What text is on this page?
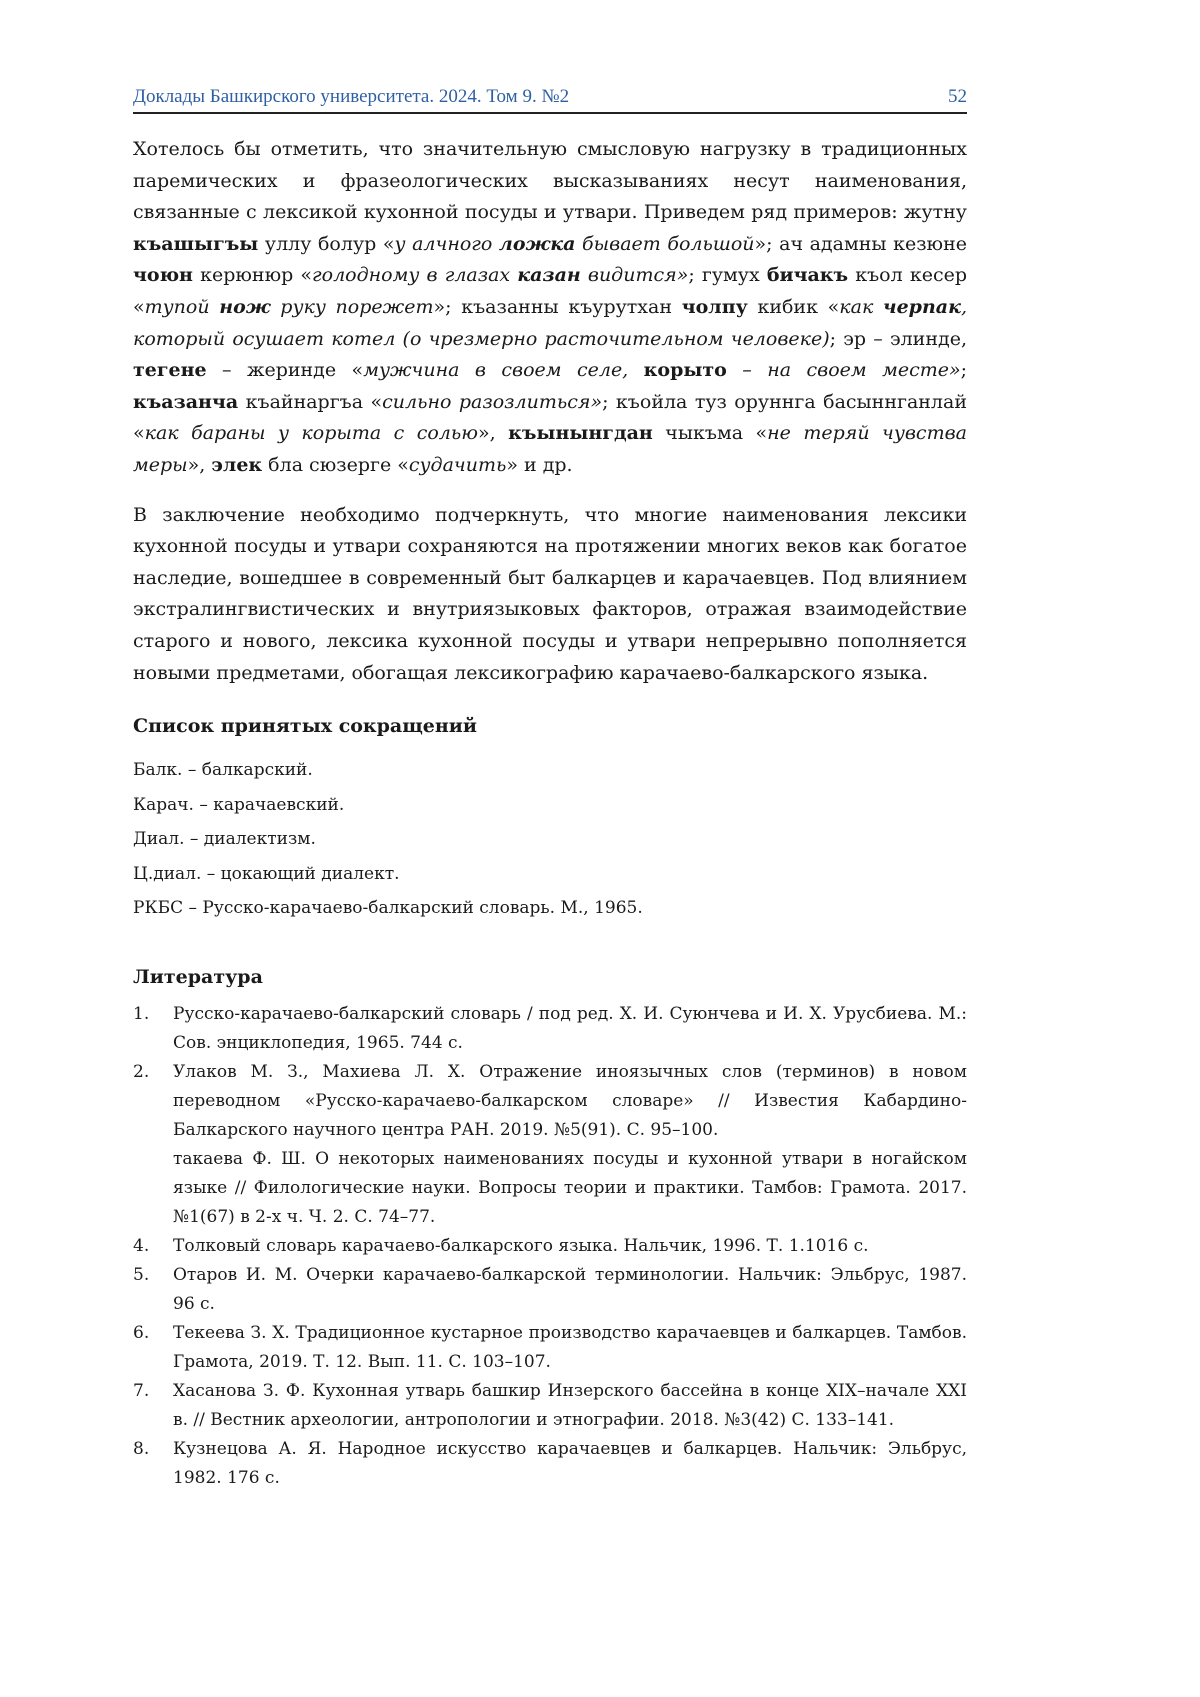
Доклады Башкирского университета. 2024. Том 9. №2	52

Хотелось бы отметить, что значительную смысловую нагрузку в традиционных паремических и фразеологических высказываниях несут наименования, связанные с лексикой кухонной посуды и утвари. Приведем ряд примеров: жутну къашыгъы уллу болур «у алчного ложка бывает большой»; ач адамны кезюне чоюн керюнюр «голодному в глазах казан видится»; гумух бичакъ къол кесер «тупой нож руку порежет»; къазанны къурутхан чолпу кибик «как черпак, который осушает котел (о чрезмерно расточительном человеке); эр – элинде, тегене – жеринде «мужчина в своем селе, корыто – на своем месте»; къазанча къайнаргъа «сильно разозлиться»; къойла туз оруннга басынн­ганлай «как бараны у корыта с солью», къынынгдан чыкъма «не теряй чувства меры», элек бла сюзерге «судачить» и др.

В заключение необходимо подчеркнуть, что многие наименования лексики кухонной посуды и утвари сохраняются на протяжении многих веков как богатое наследие, вошедшее в современный быт балкарцев и карачаевцев. Под влиянием экстралингвистических и внутриязыковых факторов, отражая взаимодействие старого и нового, лексика кухонной посуды и утвари непрерывно пополняется новыми предметами, обогащая лексикографию карачаево-балкарского языка.

Список принятых сокращений

Балк. – балкарский.

Карач. – карачаевский.

Диал. – диалектизм.

Ц.диал. – цокающий диалект.

РКБС – Русско-карачаево-балкарский словарь. М., 1965.

Литература
1.	Русско-карачаево-балкарский словарь / под ред. Х. И. Суюнчева и И. Х. Урусбиева. М.: Сов. энциклопедия, 1965. 744 с.
2.	Улаков М. З., Махиева Л. Х. Отражение иноязычных слов (терминов) в новом переводном «Русско-карачаево-балкарском словаре» // Известия Кабардино-Балкарского научного центра РАН. 2019. №5(91). С. 95–100.
такаева Ф. Ш. О некоторых наименованиях посуды и кухонной утвари в ногайском языке // Филологические науки. Вопросы теории и практики. Тамбов: Грамота. 2017. №1(67) в 2-х ч. Ч. 2. С. 74–77.
4.	Толковый словарь карачаево-балкарского языка. Нальчик, 1996. Т. 1.1016 с.
5.	Отаров И. М. Очерки карачаево-балкарской терминологии. Нальчик: Эльбрус, 1987. 96 с.
6.	Текеева З. Х. Традиционное кустарное производство карачаевцев и балкарцев. Тамбов. Грамота, 2019. Т. 12. Вып. 11. С. 103–107.
7.	Хасанова З. Ф. Кухонная утварь башкир Инзерского бассейна в конце XIX–начале XXI в. // Вестник археологии, антропологии и этнографии. 2018. №3(42) С. 133–141.
8.	Кузнецова А. Я. Народное искусство карачаевцев и балкарцев. Нальчик: Эльбрус, 1982. 176 с.
